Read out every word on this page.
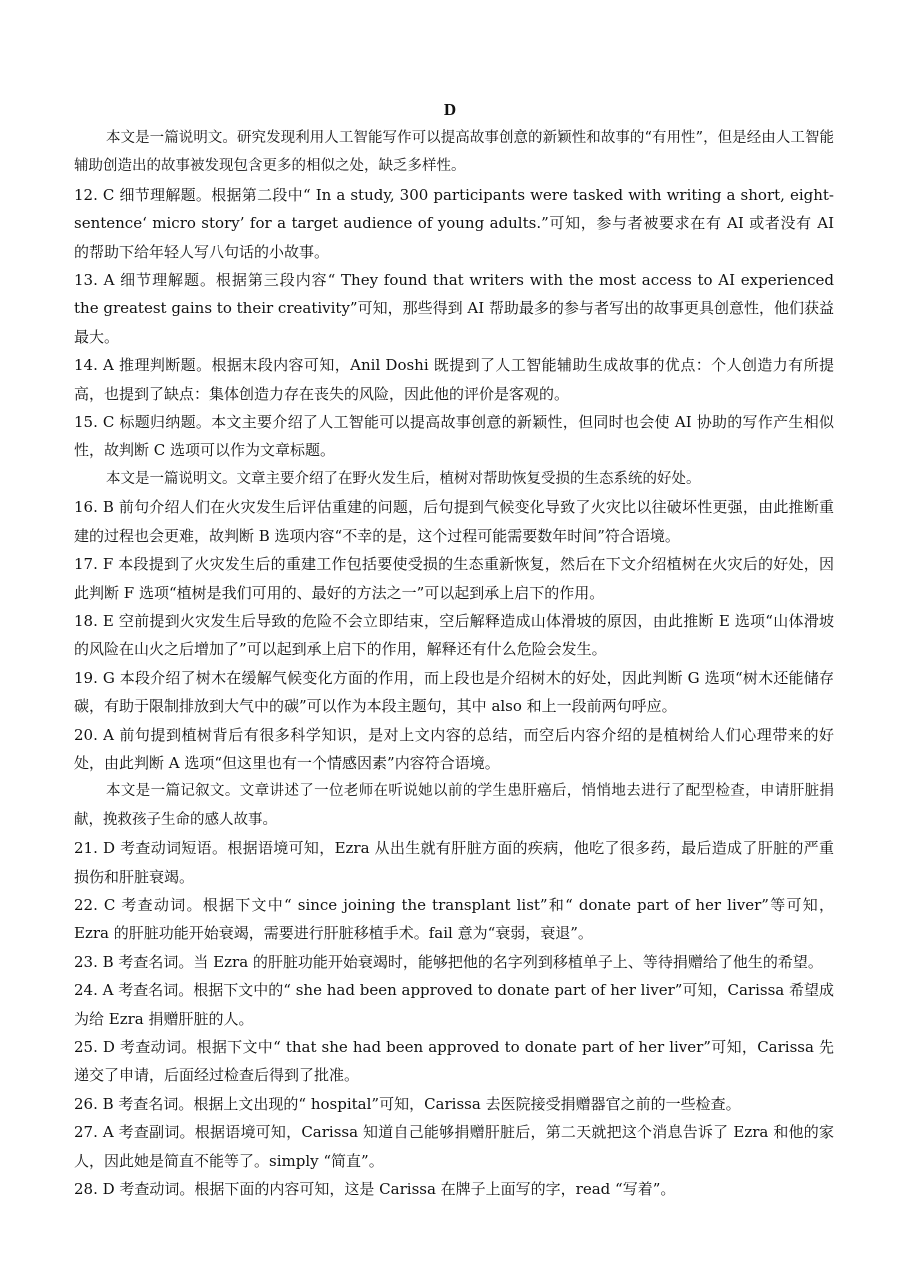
D

本文是一篇说明文。研究发现利用人工智能写作可以提高故事创意的新颖性和故事的“有用性”，但是经由人工智能辅助创造出的故事被发现包含更多的相似之处，缺乏多样性。

12. C 细节理解题。根据第二段中“ In a study, 300 participants were tasked with writing a short, eight-sentence‘ micro story’ for a target audience of young adults.”可知，参与者被要求在有 AI 或者没有 AI 的帮助下给年轻人写八句话的小故事。

13. A 细节理解题。根据第三段内容“ They found that writers with the most access to AI experienced the greatest gains to their creativity”可知，那些得到 AI 帮助最多的参与者写出的故事更具创意性，他们获益最大。

14. A 推理判断题。根据末段内容可知，Anil Doshi 既提到了人工智能辅助生成故事的优点：个人创造力有所提高，也提到了缺点：集体创造力存在丧失的风险，因此他的评价是客观的。

15. C 标题归纳题。本文主要介绍了人工智能可以提高故事创意的新颖性，但同时也会使 AI 协助的写作产生相似性，故判断 C 选项可以作为文章标题。

本文是一篇说明文。文章主要介绍了在野火发生后，植树对帮助恢复受损的生态系统的好处。

16. B 前句介绍人们在火灾发生后评估重建的问题，后句提到气候变化导致了火灾比以往破坏性更强，由此推断重建的过程也会更难，故判断 B 选项内容“不幸的是，这个过程可能需要数年时间”符合语境。

17. F 本段提到了火灾发生后的重建工作包括要使受损的生态重新恢复，然后在下文介绍植树在火灾后的好处，因此判断 F 选项“植树是我们可用的、最好的方法之一”可以起到承上启下的作用。

18. E 空前提到火灾发生后导致的危险不会立即结束，空后解释造成山体滑坡的原因，由此推断 E 选项“山体滑坡的风险在山火之后增加了”可以起到承上启下的作用，解释还有什么危险会发生。

19. G 本段介绍了树木在缓解气候变化方面的作用，而上段也是介绍树木的好处，因此判断 G 选项“树木还能储存碳，有助于限制排放到大气中的碳”可以作为本段主题句，其中 also 和上一段前两句呼应。

20. A 前句提到植树背后有很多科学知识，是对上文内容的总结，而空后内容介绍的是植树给人们心理带来的好处，由此判断 A 选项“但这里也有一个情感因素”内容符合语境。

本文是一篇记叙文。文章讲述了一位老师在听说她以前的学生患肝癌后，悄悄地去进行了配型检查，申请肝脏捐献，挽救孩子生命的感人故事。

21. D 考查动词短语。根据语境可知，Ezra 从出生就有肝脏方面的疾病，他吃了很多药，最后造成了肝脏的严重损伤和肝脏衰竭。

22. C 考查动词。根据下文中“ since joining the transplant list”和“ donate part of her liver”等可知， Ezra 的肝脏功能开始衰竭，需要进行肝脏移植手术。fail 意为“衰弱，衰退”。

23. B 考查名词。当 Ezra 的肝脏功能开始衰竭时，能够把他的名字列到移植单子上、等待捐赠给了他生的希望。

24. A 考查名词。根据下文中的“ she had been approved to donate part of her liver”可知，Carissa 希望成为给 Ezra 捐赠肝脏的人。

25. D 考查动词。根据下文中“ that she had been approved to donate part of her liver”可知，Carissa 先递交了申请，后面经过检查后得到了批准。

26. B 考查名词。根据上文出现的“ hospital”可知，Carissa 去医院接受捐赠器官之前的一些检查。

27. A 考查副词。根据语境可知，Carissa 知道自己能够捐赠肝脏后，第二天就把这个消息告诉了 Ezra 和他的家人，因此她是简直不能等了。simply “简直”。

28. D 考查动词。根据下面的内容可知，这是 Carissa 在牌子上面写的字，read “写着”。
